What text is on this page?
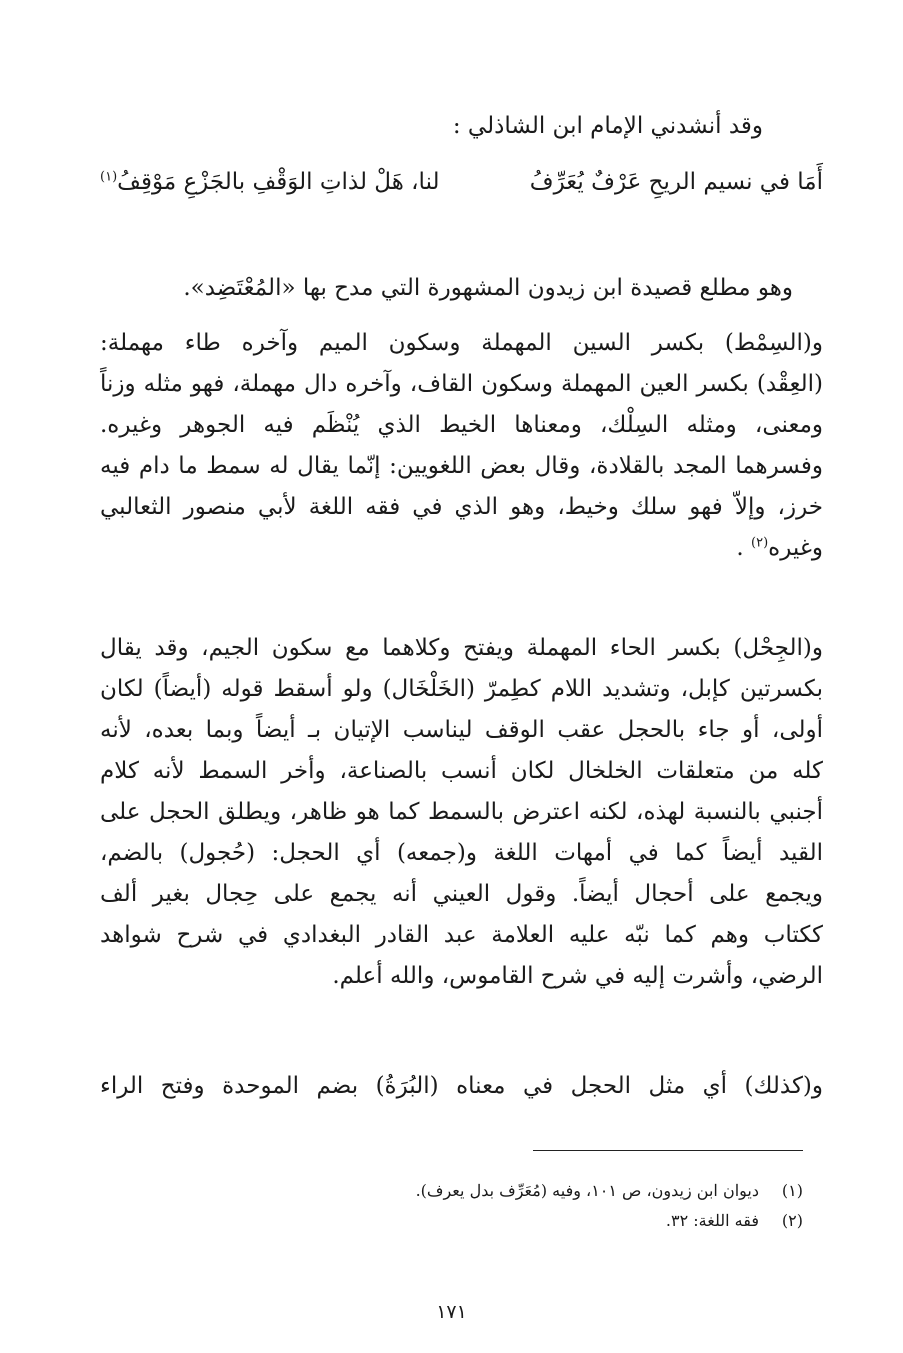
وقد أنشدني الإمام ابن الشاذلي :
أَمَا في نسيم الريحِ عَرْفٌ يُعَرِّفُ
لنا، هَلْ لذاتِ الوَقْفِ بالجَزْعِ مَوْقِفُ$^{(١)}$
وهو مطلع قصيدة ابن زيدون المشهورة التي مدح بها «المُعْتَضِد».
و(السِمْط) بكسر السين المهملة وسكون الميم وآخره طاء مهملة:
(العِقْد) بكسر العين المهملة وسكون القاف، وآخره دال مهملة، فهو مثله وزناً
ومعنى، ومثله السِلْك، ومعناها الخيط الذي يُنْظَم فيه الجوهر وغيره.
وفسرهما المجد بالقلادة، وقال بعض اللغويين: إنّما يقال له سمط ما دام فيه
خرز، وإلاّ فهو سلك وخيط، وهو الذي في فقه اللغة لأبي منصور الثعالبي
وغيره$^{(٢)}$ .
و(الجِحْل) بكسر الحاء المهملة ويفتح وكلاهما مع سكون الجيم، وقد يقال
بكسرتين كإبل، وتشديد اللام كطِمرّ (الخَلْخَال) ولو أسقط قوله (أيضاً) لكان
أولى، أو جاء بالحجل عقب الوقف ليناسب الإتيان بـ أيضاً وبما بعده، لأنه
كله من متعلقات الخلخال لكان أنسب بالصناعة، وأخر السمط لأنه كلام
أجنبي بالنسبة لهذه، لكنه اعترض بالسمط كما هو ظاهر، ويطلق الحجل على
القيد أيضاً كما في أمهات اللغة و(جمعه) أي الحجل: (حُجول) بالضم،
ويجمع على أحجال أيضاً. وقول العيني أنه يجمع على حِجال بغير ألف
ككتاب وهم كما نبّه عليه العلامة عبد القادر البغدادي في شرح شواهد
الرضي، وأشرت إليه في شرح القاموس، والله أعلم.
و(كذلك) أي مثل الحجل في معناه (البُرَةُ) بضم الموحدة وفتح الراء
(١)ديوان ابن زيدون، ص ١٠١، وفيه (مُعَرِّف بدل يعرف).
(٢)فقه اللغة: ٣٢.
١٧١
